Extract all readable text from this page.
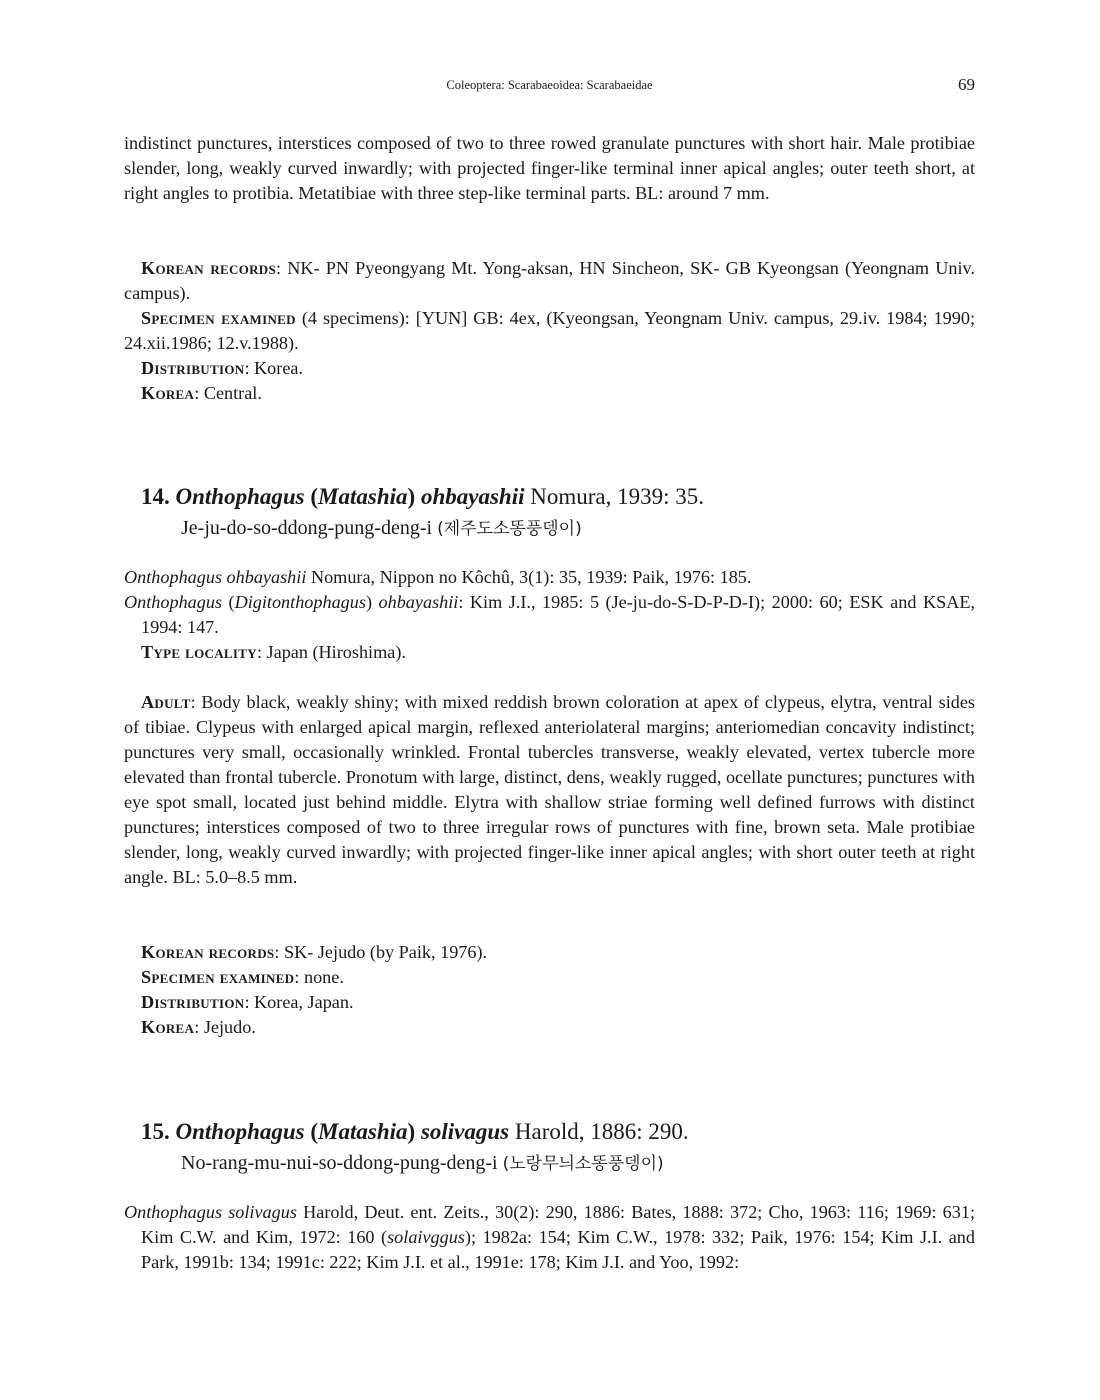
Coleoptera: Scarabaeoidea: Scarabaeidae	69

indistinct punctures, interstices composed of two to three rowed granulate punctures with short hair. Male protibiae slender, long, weakly curved inwardly; with projected finger-like terminal inner apical angles; outer teeth short, at right angles to protibia. Metatibiae with three step-like terminal parts. BL: around 7 mm.

Korean records: NK- PN Pyeongyang Mt. Yong-aksan, HN Sincheon, SK- GB Kyeongsan (Yeongnam Univ. campus).

Specimen examined (4 specimens): [YUN] GB: 4ex, (Kyeongsan, Yeongnam Univ. campus, 29.iv. 1984; 1990; 24.xii.1986; 12.v.1988).

Distribution: Korea.

Korea: Central.

14. Onthophagus (Matashia) ohbayashii Nomura, 1939: 35.
Je-ju-do-so-ddong-pung-deng-i (제주도소똥풍뎅이)

Onthophagus ohbayashii Nomura, Nippon no Kôchû, 3(1): 35, 1939: Paik, 1976: 185.

Onthophagus (Digitonthophagus) ohbayashii: Kim J.I., 1985: 5 (Je-ju-do-S-D-P-D-I); 2000: 60; ESK and KSAE, 1994: 147.

Type locality: Japan (Hiroshima).

Adult: Body black, weakly shiny; with mixed reddish brown coloration at apex of clypeus, elytra, ventral sides of tibiae. Clypeus with enlarged apical margin, reflexed anteriolateral margins; anteriomedian concavity indistinct; punctures very small, occasionally wrinkled. Frontal tubercles transverse, weakly elevated, vertex tubercle more elevated than frontal tubercle. Pronotum with large, distinct, dens, weakly rugged, ocellate punctures; punctures with eye spot small, located just behind middle. Elytra with shallow striae forming well defined furrows with distinct punctures; interstices composed of two to three irregular rows of punctures with fine, brown seta. Male protibiae slender, long, weakly curved inwardly; with projected finger-like inner apical angles; with short outer teeth at right angle. BL: 5.0–8.5 mm.

Korean records: SK- Jejudo (by Paik, 1976).

Specimen examined: none.

Distribution: Korea, Japan.

Korea: Jejudo.

15. Onthophagus (Matashia) solivagus Harold, 1886: 290.
No-rang-mu-nui-so-ddong-pung-deng-i (노랑무늬소똥풍뎅이)

Onthophagus solivagus Harold, Deut. ent. Zeits., 30(2): 290, 1886: Bates, 1888: 372; Cho, 1963: 116; 1969: 631; Kim C.W. and Kim, 1972: 160 (solaivggus); 1982a: 154; Kim C.W., 1978: 332; Paik, 1976: 154; Kim J.I. and Park, 1991b: 134; 1991c: 222; Kim J.I. et al., 1991e: 178; Kim J.I. and Yoo, 1992:
